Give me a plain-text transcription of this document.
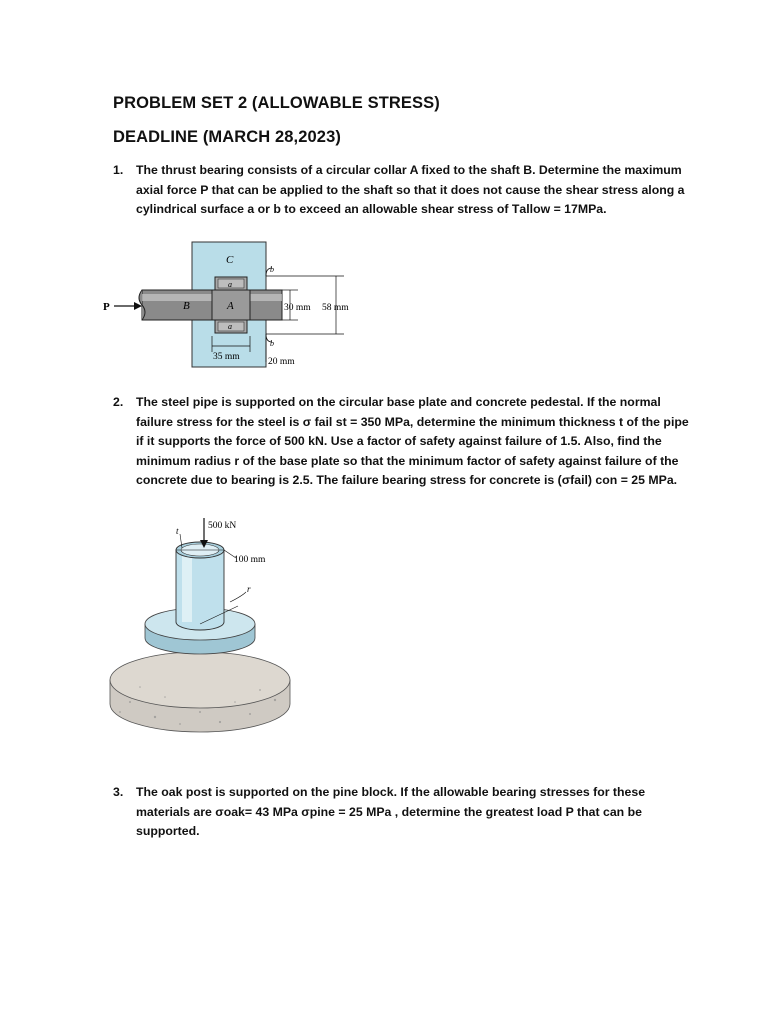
PROBLEM SET 2 (ALLOWABLE STRESS)
DEADLINE (MARCH 28,2023)
1. The thrust bearing consists of a circular collar A fixed to the shaft B. Determine the maximum axial force P that can be applied to the shaft so that it does not cause the shear stress along a cylindrical surface a or b to exceed an allowable shear stress of Τallow = 17MPa.
C
a
A
a
B
P
b
b
30 mm 58 mm
35 mm	20 mm
2. The steel pipe is supported on the circular base plate and concrete pedestal. If the normal failure stress for the steel is σ fail st = 350 MPa, determine the minimum thickness t of the pipe if it supports the force of 500 kN. Use a factor of safety against failure of 1.5. Also, find the minimum radius r of the base plate so that the minimum factor of safety against failure of the concrete due to bearing is 2.5. The failure bearing stress for concrete is (σfail) con = 25 MPa.
500 kN
100 mm
t
r
3. The oak post is supported on the pine block. If the allowable bearing stresses for these materials are σoak= 43 MPa σpine = 25 MPa , determine the greatest load P that can be supported.
